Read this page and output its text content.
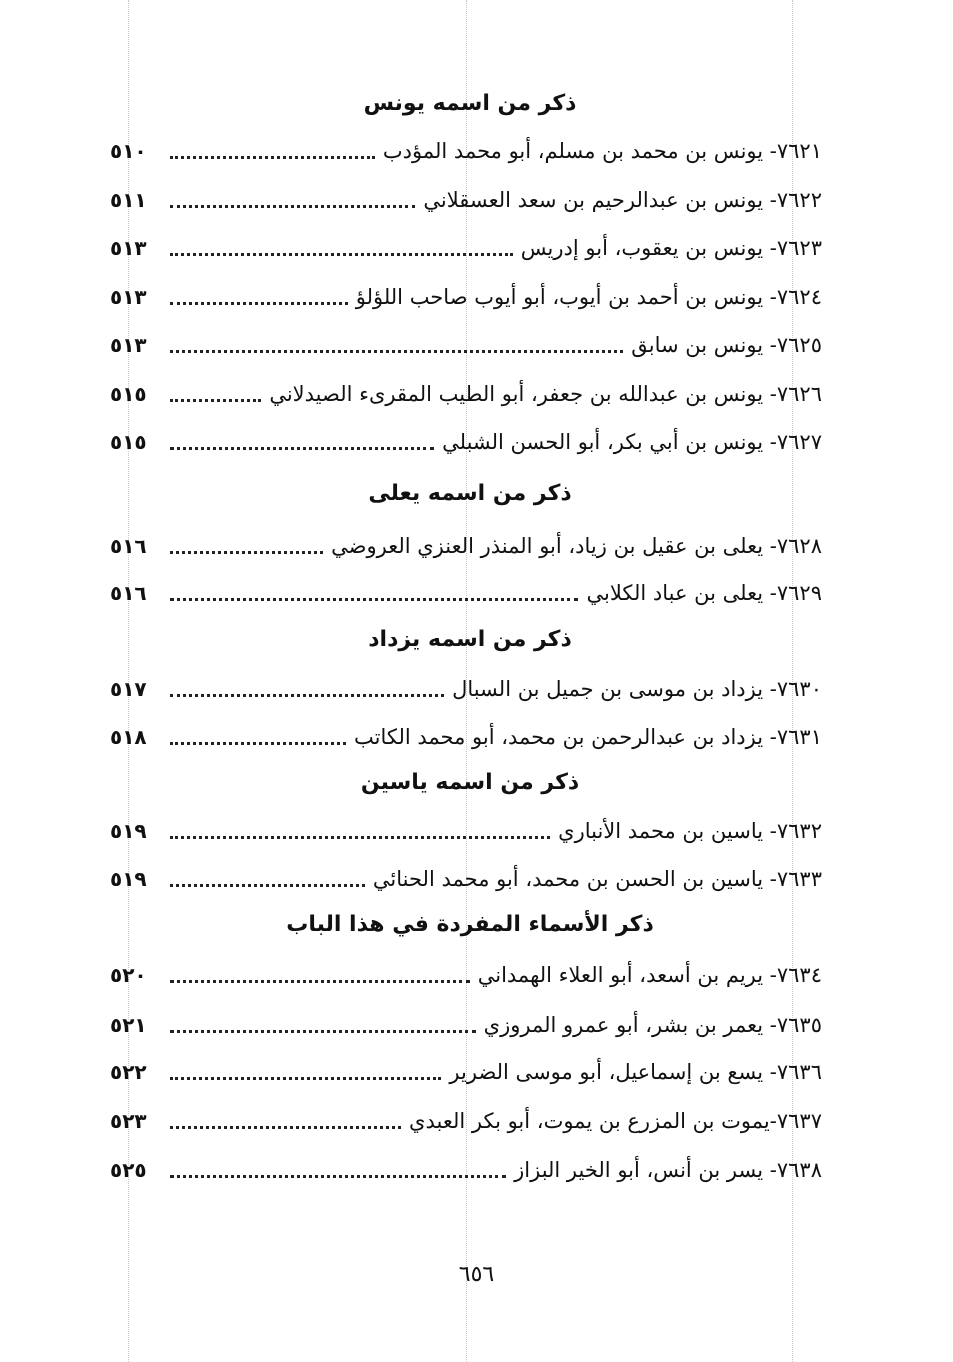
ذكر من اسمه يونس
٧٦٢١- يونس بن محمد بن مسلم، أبو محمد المؤدب
٥١٠
٧٦٢٢- يونس بن عبدالرحيم بن سعد العسقلاني
٥١١
٧٦٢٣- يونس بن يعقوب، أبو إدريس
٥١٣
٧٦٢٤- يونس بن أحمد بن أيوب، أبو أيوب صاحب اللؤلؤ
٥١٣
٧٦٢٥- يونس بن سابق
٥١٣
٧٦٢٦- يونس بن عبدالله بن جعفر، أبو الطيب المقرىء الصيدلاني
٥١٥
٧٦٢٧- يونس بن أبي بكر، أبو الحسن الشبلي
٥١٥
ذكر من اسمه يعلى
٧٦٢٨- يعلى بن عقيل بن زياد، أبو المنذر العنزي العروضي
٥١٦
٧٦٢٩- يعلى بن عباد الكلابي
٥١٦
ذكر من اسمه يزداد
٧٦٣٠- يزداد بن موسى بن جميل بن السبال
٥١٧
٧٦٣١- يزداد بن عبدالرحمن بن محمد، أبو محمد الكاتب
٥١٨
ذكر من اسمه ياسين
٧٦٣٢- ياسين بن محمد الأنباري
٥١٩
٧٦٣٣- ياسين بن الحسن بن محمد، أبو محمد الحنائي
٥١٩
ذكر الأسماء المفردة في هذا الباب
٧٦٣٤- يريم بن أسعد، أبو العلاء الهمداني
٥٢٠
٧٦٣٥- يعمر بن بشر، أبو عمرو المروزي
٥٢١
٧٦٣٦- يسع بن إسماعيل، أبو موسى الضرير
٥٢٢
٧٦٣٧-يموت بن المزرع بن يموت، أبو بكر العبدي
٥٢٣
٧٦٣٨- يسر بن أنس، أبو الخير البزاز
٥٢٥
٦٥٦
